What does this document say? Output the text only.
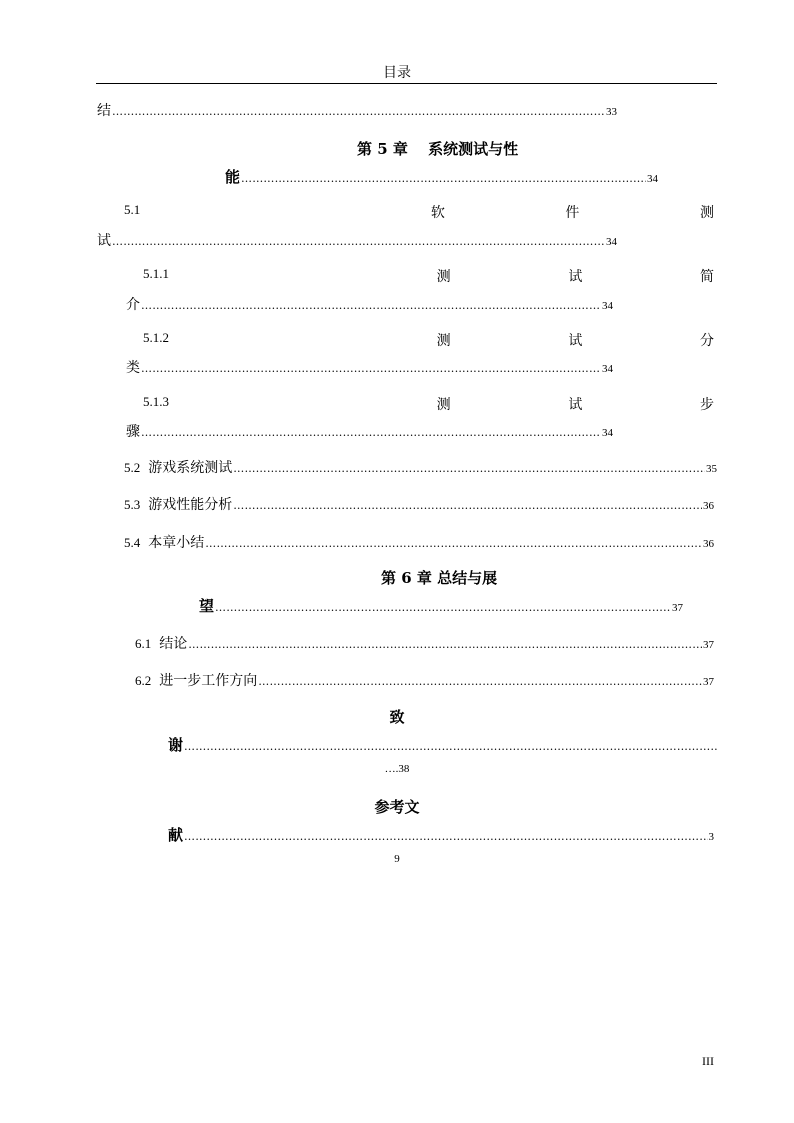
目录
结 …………………………………………………………………………………………………………………………………………………………………………………………………………	33
第 5 章　 系统测试与性
能 …………………………………………………………………………………………………………………………………………………………………………………………………………	34
5.1	软	件	测
试 …………………………………………………………………………………………………………………………………………………………………………………………………………	34
5.1.1	测	试	简
介 …………………………………………………………………………………………………………………………………………………………………………………………………………	34
5.1.2	测	试	分
类 …………………………………………………………………………………………………………………………………………………………………………………………………………	34
5.1.3	测	试	步
骤 …………………………………………………………………………………………………………………………………………………………………………………………………………	34
5.2 游戏系统测试 …………………………………………………………………………………………………………………………………………………………………………………………………………	35
5.3 游戏性能分析 …………………………………………………………………………………………………………………………………………………………………………………………………………	36
5.4 本章小结 …………………………………………………………………………………………………………………………………………………………………………………………………………	36
第 6 章 总结与展
望 …………………………………………………………………………………………………………………………………………………………………………………………………………	37
6.1 结论 …………………………………………………………………………………………………………………………………………………………………………………………………………	37
6.2 进一步工作方向 …………………………………………………………………………………………………………………………………………………………………………………………………………	37
致
谢
…………………………………………………………………………………………………………………………………………………………………………………………………………
….38
参考文
献 …………………………………………………………………………………………………………………………………………………………………………………………………………	3
9
III
